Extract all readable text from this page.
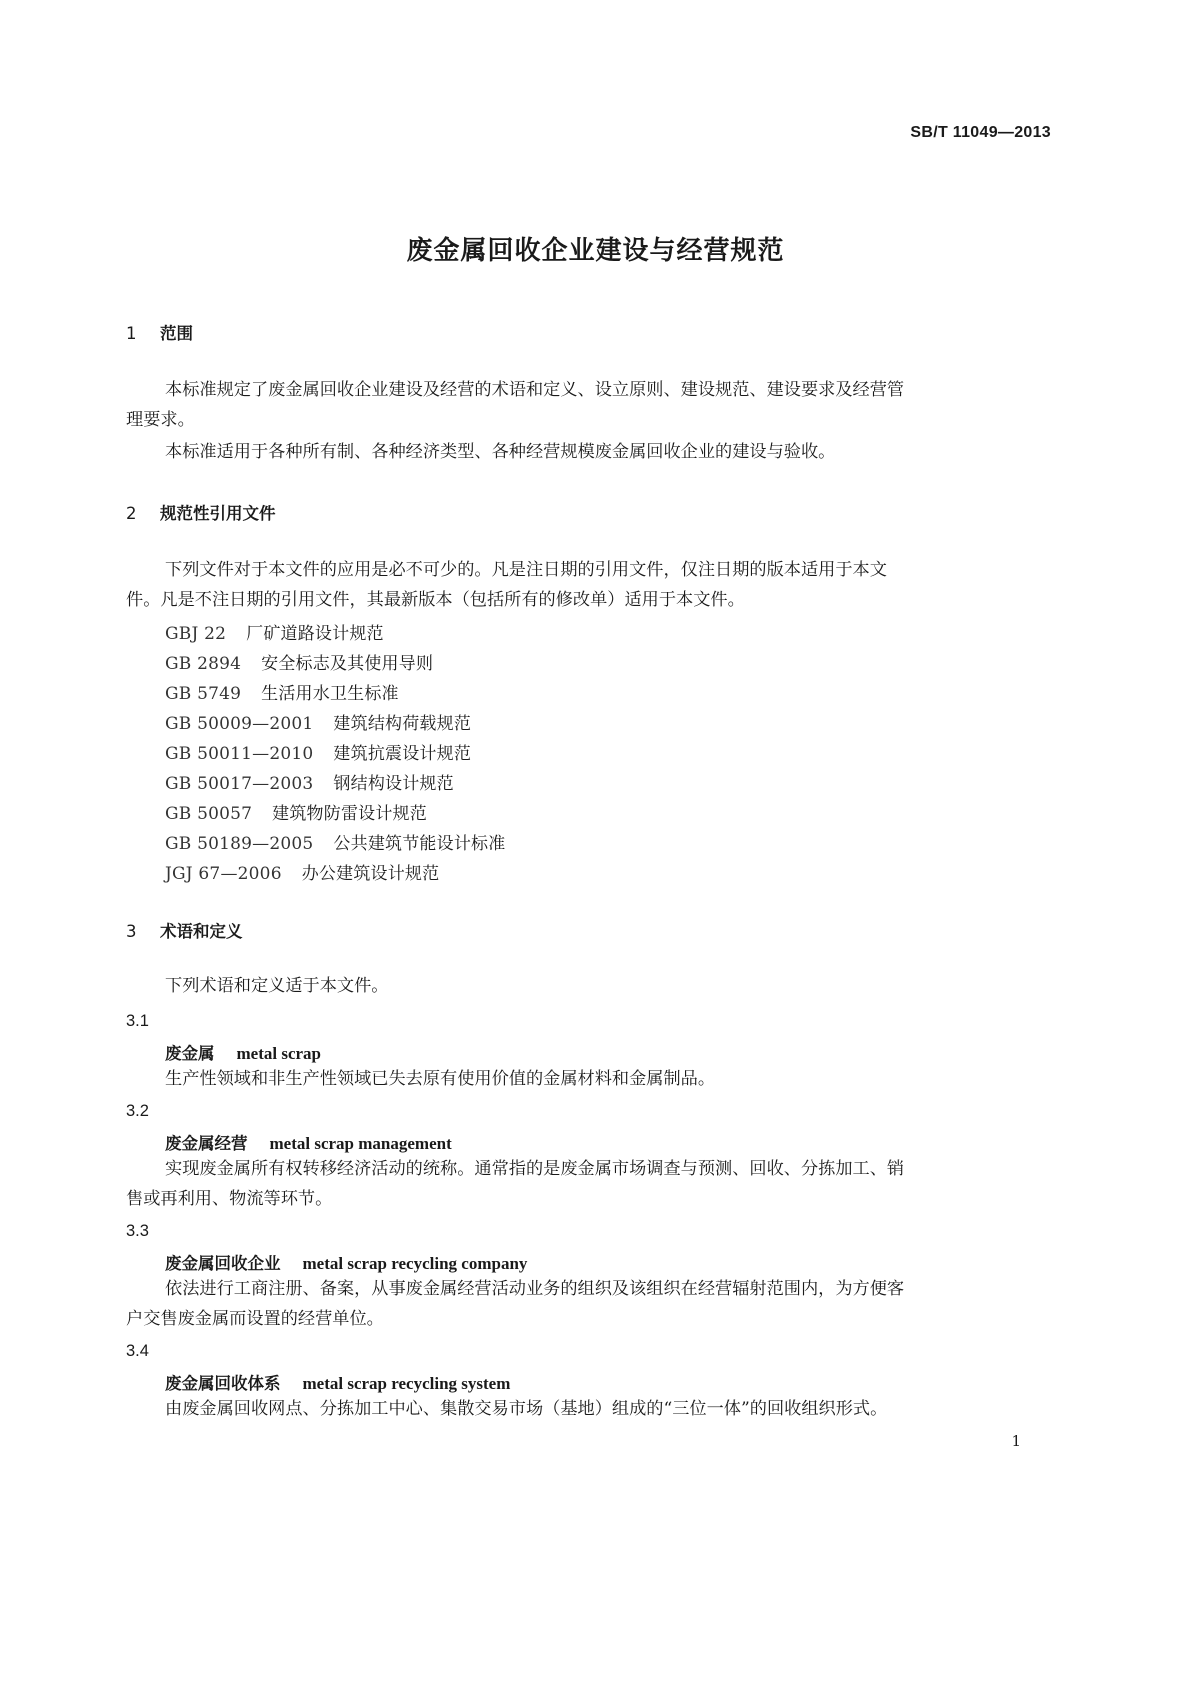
SB/T 11049—2013
废金属回收企业建设与经营规范
1 范围
本标准规定了废金属回收企业建设及经营的术语和定义、设立原则、建设规范、建设要求及经营管
理要求。
本标准适用于各种所有制、各种经济类型、各种经营规模废金属回收企业的建设与验收。
2 规范性引用文件
下列文件对于本文件的应用是必不可少的。凡是注日期的引用文件，仅注日期的版本适用于本文
件。凡是不注日期的引用文件，其最新版本（包括所有的修改单）适用于本文件。
GBJ 22 厂矿道路设计规范
GB 2894 安全标志及其使用导则
GB 5749 生活用水卫生标准
GB 50009—2001 建筑结构荷载规范
GB 50011—2010 建筑抗震设计规范
GB 50017—2003 钢结构设计规范
GB 50057 建筑物防雷设计规范
GB 50189—2005 公共建筑节能设计标准
JGJ 67—2006 办公建筑设计规范
3 术语和定义
下列术语和定义适于本文件。
3.1
废金属 metal scrap
生产性领域和非生产性领域已失去原有使用价值的金属材料和金属制品。
3.2
废金属经营 metal scrap management
实现废金属所有权转移经济活动的统称。通常指的是废金属市场调查与预测、回收、分拣加工、销
售或再利用、物流等环节。
3.3
废金属回收企业 metal scrap recycling company
依法进行工商注册、备案，从事废金属经营活动业务的组织及该组织在经营辐射范围内，为方便客
户交售废金属而设置的经营单位。
3.4
废金属回收体系 metal scrap recycling system
由废金属回收网点、分拣加工中心、集散交易市场（基地）组成的“三位一体”的回收组织形式。
1
